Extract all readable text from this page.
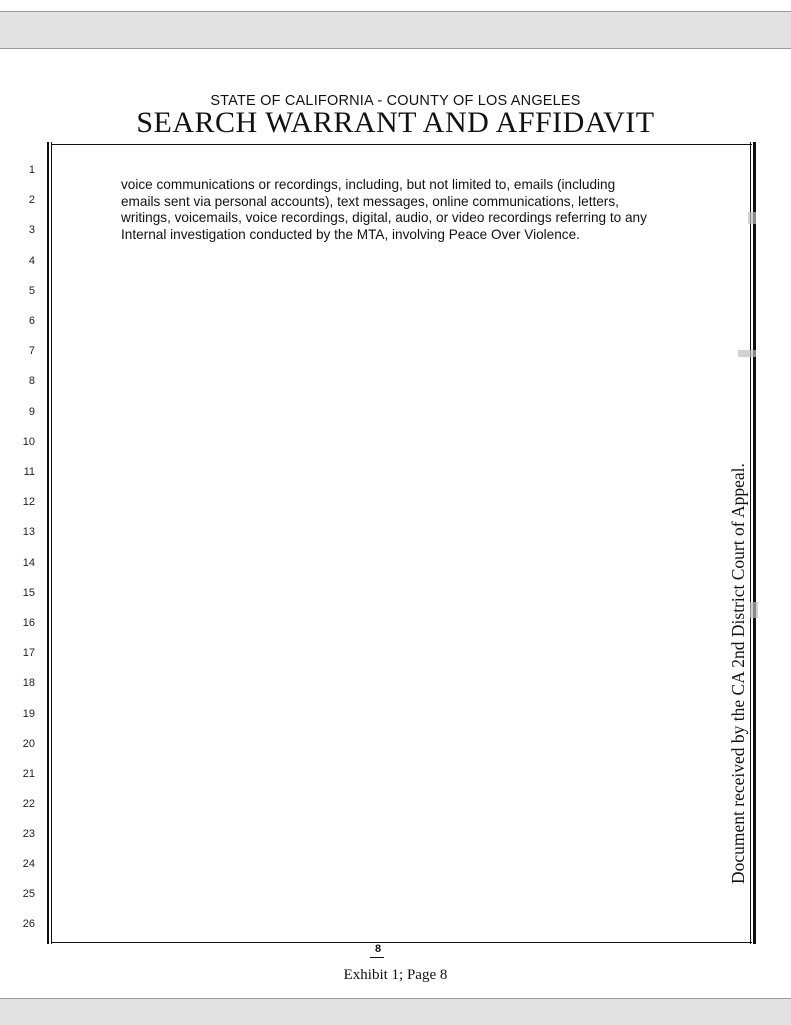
STATE OF CALIFORNIA - COUNTY OF LOS ANGELES
SEARCH WARRANT AND AFFIDAVIT
1
2
3
4
5
6
7
8
9
10
11
12
13
14
15
16
17
18
19
20
21
22
23
24
25
26
voice communications or recordings, including, but not limited to, emails (including
emails sent via personal accounts), text messages, online communications, letters,
writings, voicemails, voice recordings, digital, audio, or video recordings referring to any
Internal investigation conducted by the MTA, involving Peace Over Violence.
Document received by the CA 2nd District Court of Appeal.
8
Exhibit 1; Page 8
